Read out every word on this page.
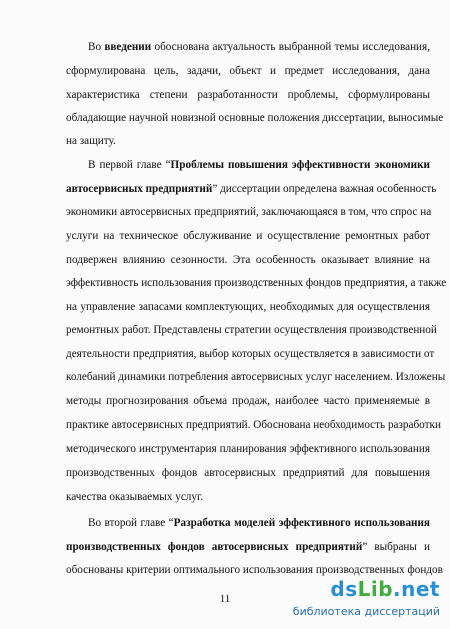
Во введении обоснована актуальность выбранной темы исследования,
сформулирована цель, задачи, объект и предмет исследования, дана
характеристика степени разработанности проблемы, сформулированы
обладающие научной новизной основные положения диссертации, выносимые
на защиту.
В первой главе “Проблемы повышения эффективности экономики
автосервисных предприятий” диссертации определена важная особенность
экономики автосервисных предприятий, заключающаяся в том, что спрос на
услуги на техническое обслуживание и осуществление ремонтных работ
подвержен влиянию сезонности. Эта особенность оказывает влияние на
эффективность использования производственных фондов предприятия, а также
на управление запасами комплектующих, необходимых для осуществления
ремонтных работ. Представлены стратегии осуществления производственной
деятельности предприятия, выбор которых осуществляется в зависимости от
колебаний динамики потребления автосервисных услуг населением. Изложены
методы прогнозирования объема продаж, наиболее часто применяемые в
практике автосервисных предприятий. Обоснована необходимость разработки
методического инструментария планирования эффективного использования
производственных фондов автосервисных предприятий для повышения
качества оказываемых услуг.
Во второй главе “Разработка моделей эффективного использования
производственных фондов автосервисных предприятий” выбраны и
обоснованы критерии оптимального использования производственных фондов
11	dsLib.net
библиотека диссертаций
